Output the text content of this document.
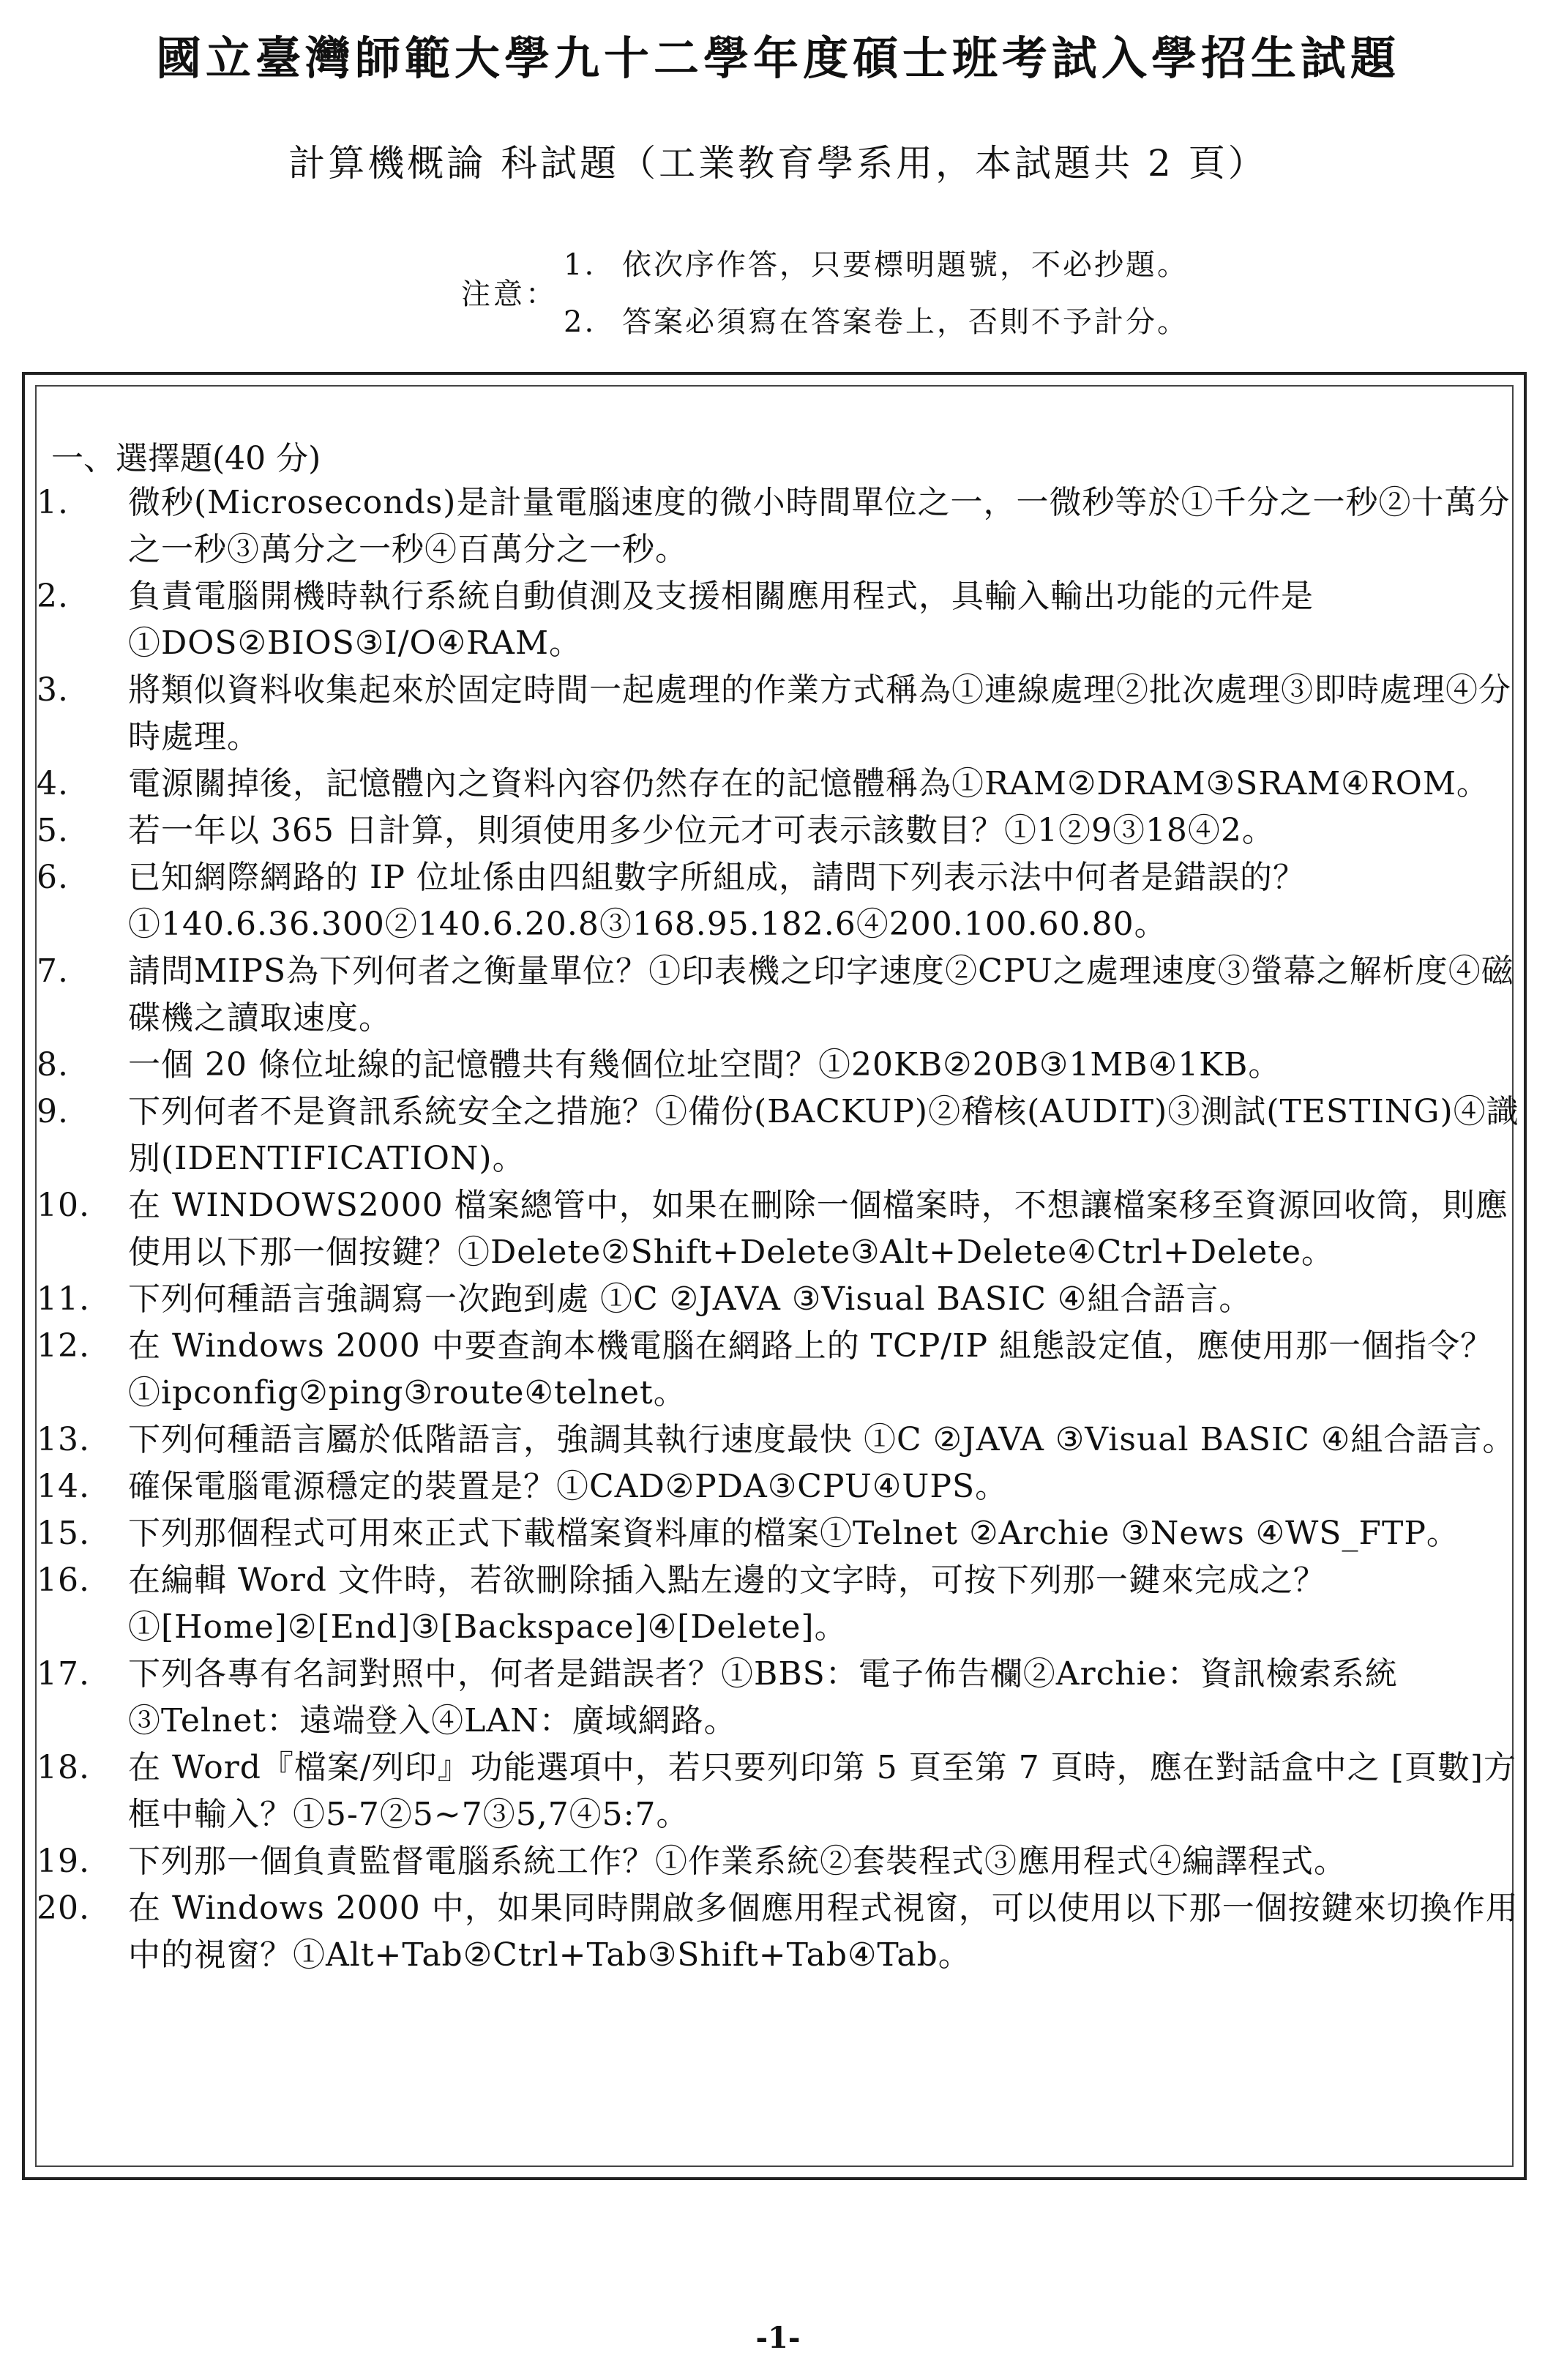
國立臺灣師範大學九十二學年度碩士班考試入學招生試題
計算機概論 科試題（工業教育學系用，本試題共 2 頁）
注意：
1. 依次序作答，只要標明題號，不必抄題。
2. 答案必須寫在答案卷上，否則不予計分。
一、選擇題(40 分)
1. 微秒(Microseconds)是計量電腦速度的微小時間單位之一，一微秒等於①千分之一秒②十萬分之一秒③萬分之一秒④百萬分之一秒。
2. 負責電腦開機時執行系統自動偵測及支援相關應用程式，具輸入輸出功能的元件是①DOS②BIOS③I/O④RAM。
3. 將類似資料收集起來於固定時間一起處理的作業方式稱為①連線處理②批次處理③即時處理④分時處理。
4. 電源關掉後，記憶體內之資料內容仍然存在的記憶體稱為①RAM②DRAM③SRAM④ROM。
5. 若一年以 365 日計算，則須使用多少位元才可表示該數目？①1②9③18④2。
6. 已知網際網路的 IP 位址係由四組數字所組成，請問下列表示法中何者是錯誤的？①140.6.36.300②140.6.20.8③168.95.182.6④200.100.60.80。
7. 請問MIPS為下列何者之衡量單位？①印表機之印字速度②CPU之處理速度③螢幕之解析度④磁碟機之讀取速度。
8. 一個 20 條位址線的記憶體共有幾個位址空間？①20KB②20B③1MB④1KB。
9. 下列何者不是資訊系統安全之措施？①備份(BACKUP)②稽核(AUDIT)③測試(TESTING)④識別(IDENTIFICATION)。
10. 在 WINDOWS2000 檔案總管中，如果在刪除一個檔案時，不想讓檔案移至資源回收筒，則應使用以下那一個按鍵？①Delete②Shift+Delete③Alt+Delete④Ctrl+Delete。
11. 下列何種語言強調寫一次跑到處 ①C ②JAVA ③Visual BASIC ④組合語言。
12. 在 Windows 2000 中要查詢本機電腦在網路上的 TCP/IP 組態設定值，應使用那一個指令？①ipconfig②ping③route④telnet。
13. 下列何種語言屬於低階語言，強調其執行速度最快 ①C ②JAVA ③Visual BASIC ④組合語言。
14. 確保電腦電源穩定的裝置是？①CAD②PDA③CPU④UPS。
15. 下列那個程式可用來正式下載檔案資料庫的檔案①Telnet ②Archie ③News ④WS_FTP。
16. 在編輯 Word 文件時，若欲刪除插入點左邊的文字時，可按下列那一鍵來完成之？①[Home]②[End]③[Backspace]④[Delete]。
17. 下列各專有名詞對照中，何者是錯誤者？①BBS：電子佈告欄②Archie：資訊檢索系統③Telnet：遠端登入④LAN：廣域網路。
18. 在 Word『檔案/列印』功能選項中，若只要列印第 5 頁至第 7 頁時，應在對話盒中之 [頁數]方框中輸入？①5-7②5~7③5,7④5:7。
19. 下列那一個負責監督電腦系統工作？①作業系統②套裝程式③應用程式④編譯程式。
20. 在 Windows 2000 中，如果同時開啟多個應用程式視窗，可以使用以下那一個按鍵來切換作用中的視窗？①Alt+Tab②Ctrl+Tab③Shift+Tab④Tab。
-1-
